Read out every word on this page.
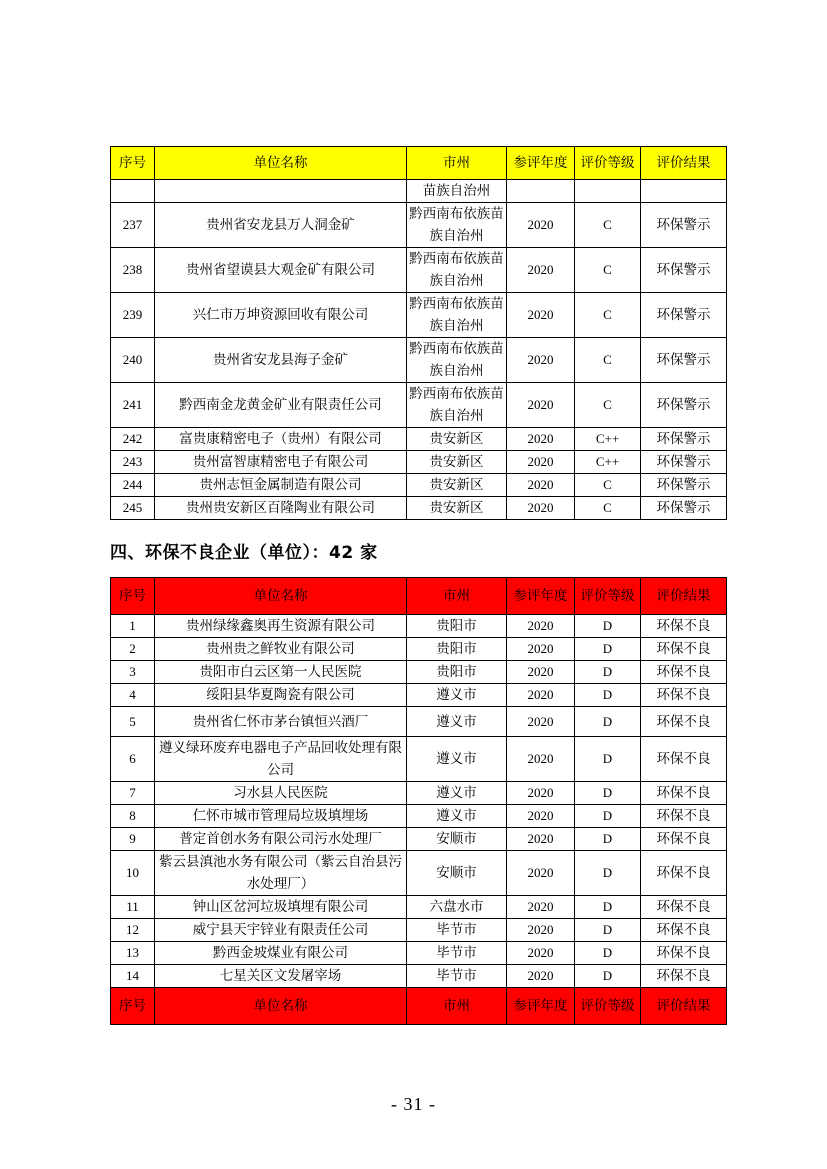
序号	单位名称	市州	参评年度	评价等级	评价结果
		苗族自治州			
237	贵州省安龙县万人洞金矿	黔西南布依族苗族自治州	2020	C	环保警示
238	贵州省望谟县大观金矿有限公司	黔西南布依族苗族自治州	2020	C	环保警示
239	兴仁市万坤资源回收有限公司	黔西南布依族苗族自治州	2020	C	环保警示
240	贵州省安龙县海子金矿	黔西南布依族苗族自治州	2020	C	环保警示
241	黔西南金龙黄金矿业有限责任公司	黔西南布依族苗族自治州	2020	C	环保警示
242	富贵康精密电子（贵州）有限公司	贵安新区	2020	C++	环保警示
243	贵州富智康精密电子有限公司	贵安新区	2020	C++	环保警示
244	贵州志恒金属制造有限公司	贵安新区	2020	C	环保警示
245	贵州贵安新区百隆陶业有限公司	贵安新区	2020	C	环保警示
四、环保不良企业（单位）：42 家
序号	单位名称	市州	参评年度	评价等级	评价结果
1	贵州绿缘鑫奥再生资源有限公司	贵阳市	2020	D	环保不良
2	贵州贵之鲜牧业有限公司	贵阳市	2020	D	环保不良
3	贵阳市白云区第一人民医院	贵阳市	2020	D	环保不良
4	绥阳县华夏陶瓷有限公司	遵义市	2020	D	环保不良
5	贵州省仁怀市茅台镇恒兴酒厂	遵义市	2020	D	环保不良
6	遵义绿环废弃电器电子产品回收处理有限公司	遵义市	2020	D	环保不良
7	习水县人民医院	遵义市	2020	D	环保不良
8	仁怀市城市管理局垃圾填埋场	遵义市	2020	D	环保不良
9	普定首创水务有限公司污水处理厂	安顺市	2020	D	环保不良
10	紫云县滇池水务有限公司（紫云自治县污水处理厂）	安顺市	2020	D	环保不良
11	钟山区岔河垃圾填埋有限公司	六盘水市	2020	D	环保不良
12	威宁县天宇锌业有限责任公司	毕节市	2020	D	环保不良
13	黔西金坡煤业有限公司	毕节市	2020	D	环保不良
14	七星关区文发屠宰场	毕节市	2020	D	环保不良
序号	单位名称	市州	参评年度	评价等级	评价结果
- 31 -
